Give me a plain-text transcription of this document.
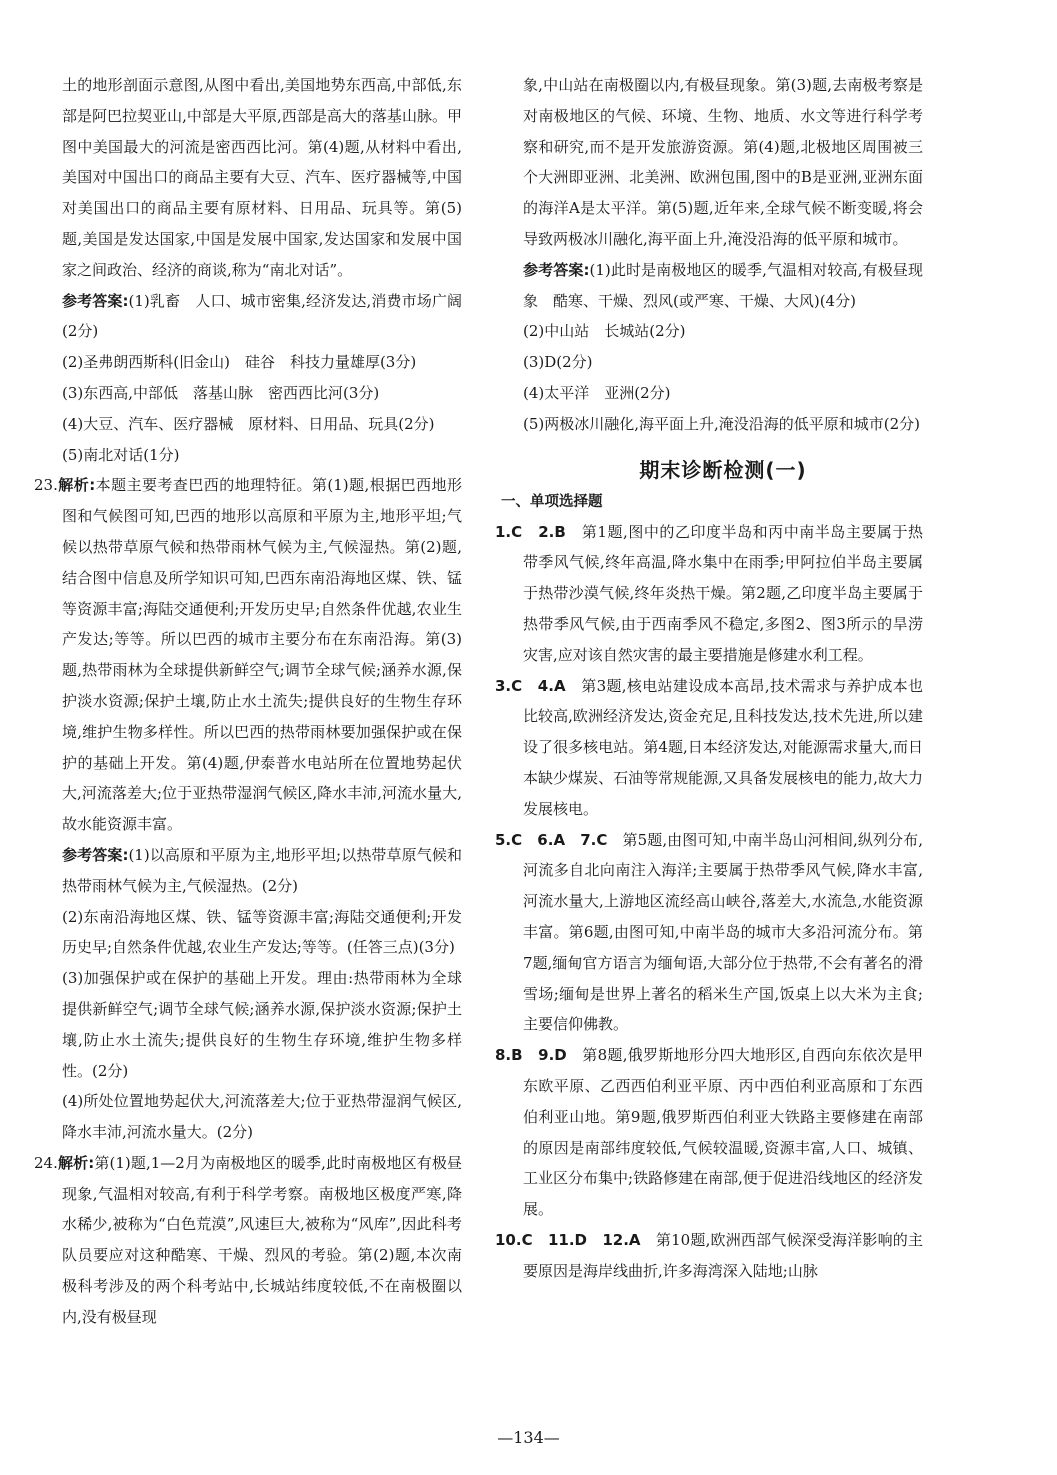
土的地形剖面示意图,从图中看出,美国地势东西高,中部低,东部是阿巴拉契亚山,中部是大平原,西部是高大的落基山脉。甲图中美国最大的河流是密西西比河。第(4)题,从材料中看出,美国对中国出口的商品主要有大豆、汽车、医疗器械等,中国对美国出口的商品主要有原材料、日用品、玩具等。第(5)题,美国是发达国家,中国是发展中国家,发达国家和发展中国家之间政治、经济的商谈,称为“南北对话”。

参考答案:(1)乳畜　人口、城市密集,经济发达,消费市场广阔(2分)

(2)圣弗朗西斯科(旧金山)　硅谷　科技力量雄厚(3分)

(3)东西高,中部低　落基山脉　密西西比河(3分)

(4)大豆、汽车、医疗器械　原材料、日用品、玩具(2分)

(5)南北对话(1分)

23.解析:本题主要考查巴西的地理特征。第(1)题,根据巴西地形图和气候图可知,巴西的地形以高原和平原为主,地形平坦;气候以热带草原气候和热带雨林气候为主,气候湿热。第(2)题,结合图中信息及所学知识可知,巴西东南沿海地区煤、铁、锰等资源丰富;海陆交通便利;开发历史早;自然条件优越,农业生产发达;等等。所以巴西的城市主要分布在东南沿海。第(3)题,热带雨林为全球提供新鲜空气;调节全球气候;涵养水源,保护淡水资源;保护土壤,防止水土流失;提供良好的生物生存环境,维护生物多样性。所以巴西的热带雨林要加强保护或在保护的基础上开发。第(4)题,伊泰普水电站所在位置地势起伏大,河流落差大;位于亚热带湿润气候区,降水丰沛,河流水量大,故水能资源丰富。

参考答案:(1)以高原和平原为主,地形平坦;以热带草原气候和热带雨林气候为主,气候湿热。(2分)

(2)东南沿海地区煤、铁、锰等资源丰富;海陆交通便利;开发历史早;自然条件优越,农业生产发达;等等。(任答三点)(3分)

(3)加强保护或在保护的基础上开发。理由:热带雨林为全球提供新鲜空气;调节全球气候;涵养水源,保护淡水资源;保护土壤,防止水土流失;提供良好的生物生存环境,维护生物多样性。(2分)

(4)所处位置地势起伏大,河流落差大;位于亚热带湿润气候区,降水丰沛,河流水量大。(2分)

24.解析:第(1)题,1—2月为南极地区的暖季,此时南极地区有极昼现象,气温相对较高,有利于科学考察。南极地区极度严寒,降水稀少,被称为“白色荒漠”,风速巨大,被称为“风库”,因此科考队员要应对这种酷寒、干燥、烈风的考验。第(2)题,本次南极科考涉及的两个科考站中,长城站纬度较低,不在南极圈以内,没有极昼现

象,中山站在南极圈以内,有极昼现象。第(3)题,去南极考察是对南极地区的气候、环境、生物、地质、水文等进行科学考察和研究,而不是开发旅游资源。第(4)题,北极地区周围被三个大洲即亚洲、北美洲、欧洲包围,图中的B是亚洲,亚洲东面的海洋A是太平洋。第(5)题,近年来,全球气候不断变暖,将会导致两极冰川融化,海平面上升,淹没沿海的低平原和城市。

参考答案:(1)此时是南极地区的暖季,气温相对较高,有极昼现象　酷寒、干燥、烈风(或严寒、干燥、大风)(4分)

(2)中山站　长城站(2分)

(3)D(2分)

(4)太平洋　亚洲(2分)

(5)两极冰川融化,海平面上升,淹没沿海的低平原和城市(2分)

期末诊断检测(一)
一、单项选择题

1.C　2.B　第1题,图中的乙印度半岛和丙中南半岛主要属于热带季风气候,终年高温,降水集中在雨季;甲阿拉伯半岛主要属于热带沙漠气候,终年炎热干燥。第2题,乙印度半岛主要属于热带季风气候,由于西南季风不稳定,多图2、图3所示的旱涝灾害,应对该自然灾害的最主要措施是修建水利工程。

3.C　4.A　第3题,核电站建设成本高昂,技术需求与养护成本也比较高,欧洲经济发达,资金充足,且科技发达,技术先进,所以建设了很多核电站。第4题,日本经济发达,对能源需求量大,而日本缺少煤炭、石油等常规能源,又具备发展核电的能力,故大力发展核电。

5.C　6.A　7.C　第5题,由图可知,中南半岛山河相间,纵列分布,河流多自北向南注入海洋;主要属于热带季风气候,降水丰富,河流水量大,上游地区流经高山峡谷,落差大,水流急,水能资源丰富。第6题,由图可知,中南半岛的城市大多沿河流分布。第7题,缅甸官方语言为缅甸语,大部分位于热带,不会有著名的滑雪场;缅甸是世界上著名的稻米生产国,饭桌上以大米为主食;主要信仰佛教。

8.B　9.D　第8题,俄罗斯地形分四大地形区,自西向东依次是甲东欧平原、乙西西伯利亚平原、丙中西伯利亚高原和丁东西伯利亚山地。第9题,俄罗斯西伯利亚大铁路主要修建在南部的原因是南部纬度较低,气候较温暖,资源丰富,人口、城镇、工业区分布集中;铁路修建在南部,便于促进沿线地区的经济发展。

10.C　11.D　12.A　第10题,欧洲西部气候深受海洋影响的主要原因是海岸线曲折,许多海湾深入陆地;山脉

—134—
